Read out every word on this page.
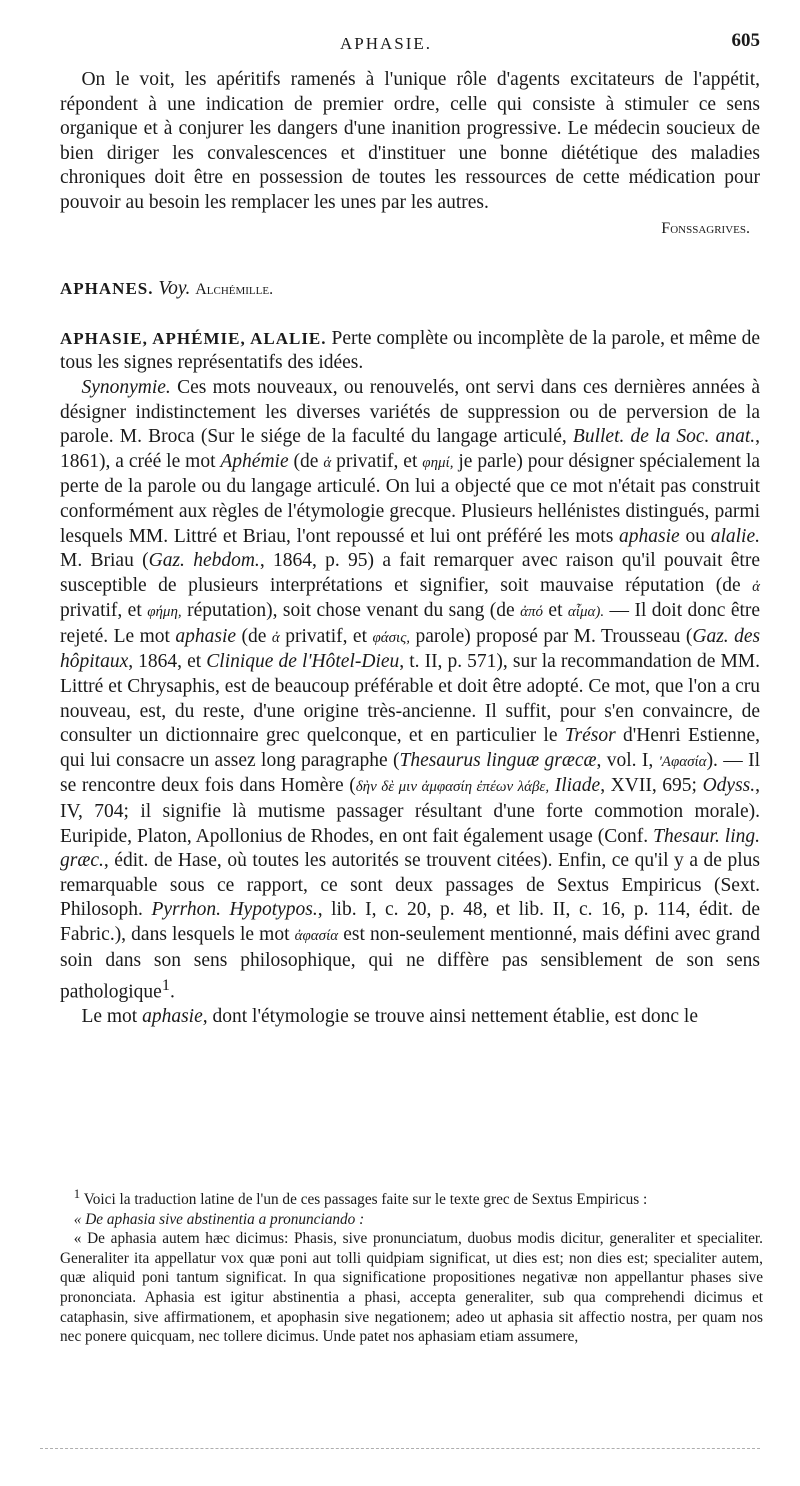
APHASIE.	605

On le voit, les apéritifs ramenés à l'unique rôle d'agents excitateurs de l'appétit, répondent à une indication de premier ordre, celle qui consiste à stimuler ce sens organique et à conjurer les dangers d'une inanition progressive. Le médecin soucieux de bien diriger les convalescences et d'instituer une bonne diététique des maladies chroniques doit être en possession de toutes les ressources de cette médication pour pouvoir au besoin les remplacer les unes par les autres.

Fonssagrives.

APHANES. Voy. Alchémille.

APHASIE, APHÉMIE, ALALIE. Perte complète ou incomplète de la parole, et même de tous les signes représentatifs des idées.

Synonymie. Ces mots nouveaux, ou renouvelés, ont servi dans ces dernières années à désigner indistinctement les diverses variétés de suppression ou de perversion de la parole. M. Broca (Sur le siége de la faculté du langage articulé, Bullet. de la Soc. anat., 1861), a créé le mot Aphémie (de ἀ privatif, et φημί, je parle) pour désigner spécialement la perte de la parole ou du langage articulé. On lui a objecté que ce mot n'était pas construit conformément aux règles de l'étymologie grecque. Plusieurs hellénistes distingués, parmi lesquels MM. Littré et Briau, l'ont repoussé et lui ont préféré les mots aphasie ou alalie. M. Briau (Gaz. hebdom., 1864, p. 95) a fait remarquer avec raison qu'il pouvait être susceptible de plusieurs interprétations et signifier, soit mauvaise réputation (de ἀ privatif, et φήμη, réputation), soit chose venant du sang (de ἀπό et αἷμα). — Il doit donc être rejeté. Le mot aphasie (de ἀ privatif, et φάσις, parole) proposé par M. Trousseau (Gaz. des hôpitaux, 1864, et Clinique de l'Hôtel-Dieu, t. II, p. 571), sur la recommandation de MM. Littré et Chrysaphis, est de beaucoup préférable et doit être adopté. Ce mot, que l'on a cru nouveau, est, du reste, d'une origine très-ancienne. Il suffit, pour s'en convaincre, de consulter un dictionnaire grec quelconque, et en particulier le Trésor d'Henri Estienne, qui lui consacre un assez long paragraphe (Thesaurus linguæ græcæ, vol. I, 'Αφασία). — Il se rencontre deux fois dans Homère (δὴν δὲ μιν ἀμφασίη ἐπέων λάβε, Iliade, XVII, 695; Odyss., IV, 704; il signifie là mutisme passager résultant d'une forte commotion morale). Euripide, Platon, Apollonius de Rhodes, en ont fait également usage (Conf. Thesaur. ling. græc., édit. de Hase, où toutes les autorités se trouvent citées). Enfin, ce qu'il y a de plus remarquable sous ce rapport, ce sont deux passages de Sextus Empiricus (Sext. Philosoph. Pyrrhon. Hypotypos., lib. I, c. 20, p. 48, et lib. II, c. 16, p. 114, édit. de Fabric.), dans lesquels le mot ἀφασία est non-seulement mentionné, mais défini avec grand soin dans son sens philosophique, qui ne diffère pas sensiblement de son sens pathologique$^1$.

Le mot aphasie, dont l'étymologie se trouve ainsi nettement établie, est donc le

$^1$ Voici la traduction latine de l'un de ces passages faite sur le texte grec de Sextus Empiricus :

« De aphasia sive abstinentia a pronunciando :

« De aphasia autem hæc dicimus: Phasis, sive pronunciatum, duobus modis dicitur, generaliter et specialiter. Generaliter ita appellatur vox quæ poni aut tolli quidpiam significat, ut dies est; non dies est; specialiter autem, quæ aliquid poni tantum significat. In qua significatione propositiones negativæ non appellantur phases sive prononciata. Aphasia est igitur abstinentia a phasi, accepta generaliter, sub qua comprehendi dicimus et cataphasin, sive affirmationem, et apophasin sive negationem; adeo ut aphasia sit affectio nostra, per quam nos nec ponere quicquam, nec tollere dicimus. Unde patet nos aphasiam etiam assumere,
